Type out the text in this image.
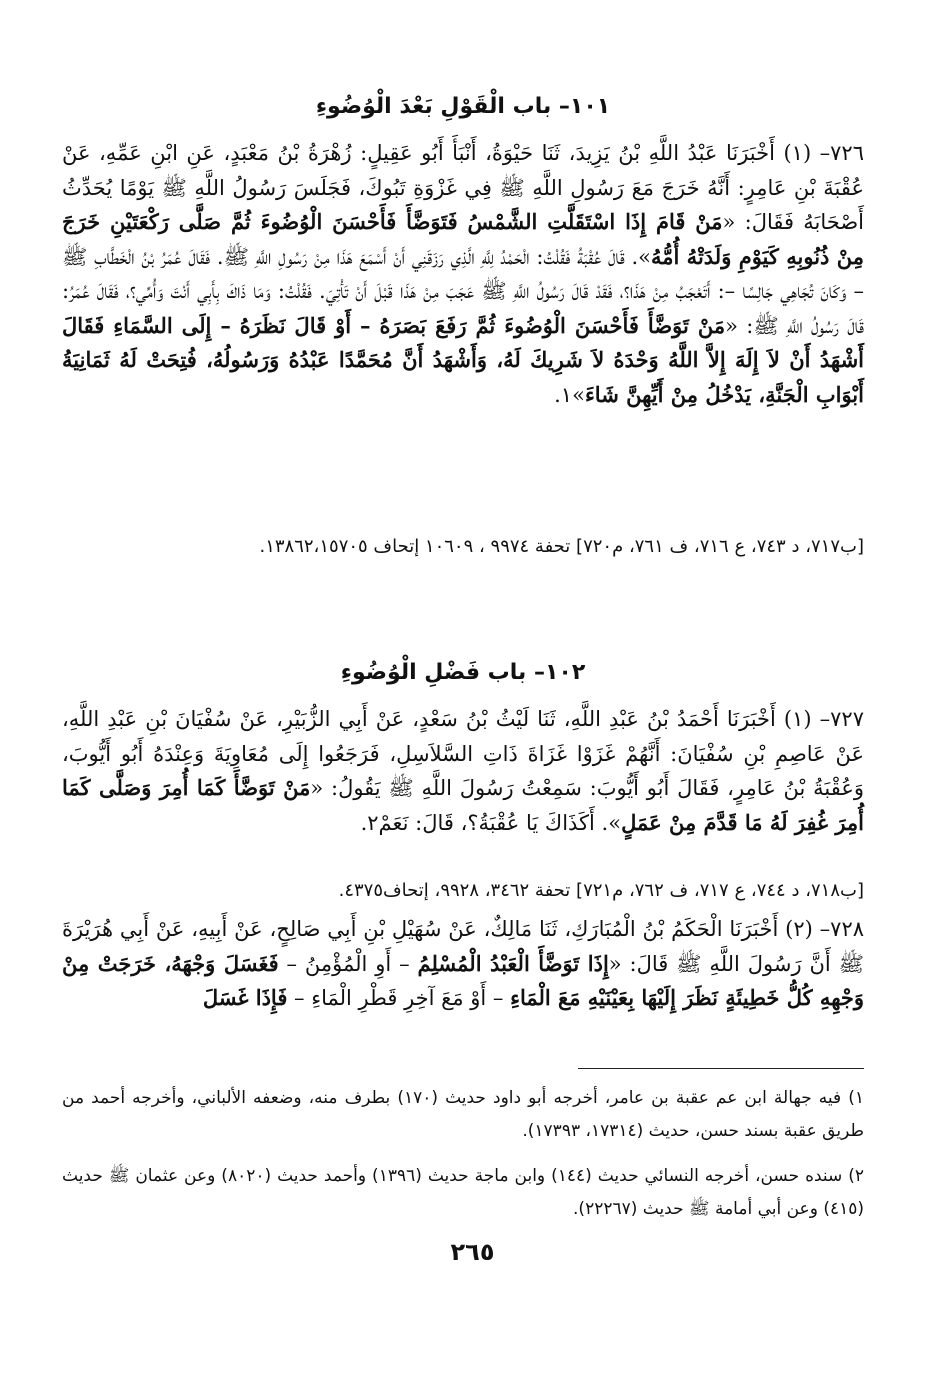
١٠١– باب الْقَوْلِ بَعْدَ الْوُضُوءِ
٧٢٦– (١) أَخْبَرَنَا عَبْدُ اللَّهِ بْنُ يَزِيدَ، ثَنَا حَيْوَةُ، أَنْبَأَ أَبُو عَقِيلٍ: زُهْرَةُ بْنُ مَعْبَدٍ، عَنِ ابْنِ عَمِّهِ، عَنْ عُقْبَةَ بْنِ عَامِرٍ: أَنَّهُ خَرَجَ مَعَ رَسُولِ اللَّهِ ﷺ فِي غَزْوَةِ تَبُوكَ، فَجَلَسَ رَسُولُ اللَّهِ ﷺ يَوْمًا يُحَدِّثُ أَصْحَابَهُ فَقَالَ: «مَنْ قَامَ إِذَا اسْتَقَلَّتِ الشَّمْسُ فَتَوَضَّأَ فَأَحْسَنَ الْوُضُوءَ ثُمَّ صَلَّى رَكْعَتَيْنِ خَرَجَ مِنْ ذُنُوبِهِ كَيَوْمِ وَلَدَتْهُ أُمُّهُ». قَالَ عُقْبَةُ فَقُلْتُ: الْحَمْدُ لِلَّهِ الَّذِي رَزَقَنِي أَنْ أَسْمَعَ هَذَا مِنْ رَسُولِ اللَّهِ ﷺ. فَقَالَ عُمَرُ بْنُ الْخَطَّابِ ﷺ – وَكَانَ تُجَاهِي جَالِسًا –: أَتَعْجَبُ مِنْ هَذَا؟، فَقَدْ قَالَ رَسُولُ اللَّهِ ﷺ عَجَبَ مِنْ هَذَا قَبْلَ أَنْ تَأْتِيَ. فَقُلْتُ: وَمَا ذَاكَ بِأَبِي أَنْتَ وَأُمِّي؟، فَقَالَ عُمَرُ: قَالَ رَسُولُ اللَّهِ ﷺ: «مَنْ تَوَضَّأَ فَأَحْسَنَ الْوُضُوءَ ثُمَّ رَفَعَ بَصَرَهُ – أَوْ قَالَ نَظَرَهُ – إِلَى السَّمَاءِ فَقَالَ أَشْهَدُ أَنْ لاَ إِلَهَ إِلاَّ اللَّهُ وَحْدَهُ لاَ شَرِيكَ لَهُ، وَأَشْهَدُ أَنَّ مُحَمَّدًا عَبْدُهُ وَرَسُولُهُ، فُتِحَتْ لَهُ ثَمَانِيَةُ أَبْوَابِ الْجَنَّةِ، يَدْخُلُ مِنْ أَيِّهِنَّ شَاءَ»١.
[ب٧١٧، د ٧٤٣، ع ٧١٦، ف ٧٦١، م٧٢٠] تحفة ٩٩٧٤ ، ١٠٦٠٩ إتحاف ١٣٨٦٢،١٥٧٠٥.
١٠٢– باب فَضْلِ الْوُضُوءِ
٧٢٧– (١) أَخْبَرَنَا أَحْمَدُ بْنُ عَبْدِ اللَّهِ، ثَنَا لَيْثُ بْنُ سَعْدٍ، عَنْ أَبِي الزُّبَيْرِ، عَنْ سُفْيَانَ بْنِ عَبْدِ اللَّهِ، عَنْ عَاصِمِ بْنِ سُفْيَانَ: أَنَّهُمْ غَزَوْا غَزَاةَ ذَاتِ السَّلاَسِلِ، فَرَجَعُوا إِلَى مُعَاوِيَةَ وَعِنْدَهُ أَبُو أَيُّوبَ، وَعُقْبَةُ بْنُ عَامِرٍ، فَقَالَ أَبُو أَيُّوبَ: سَمِعْتُ رَسُولَ اللَّهِ ﷺ يَقُولُ: «مَنْ تَوَضَّأَ كَمَا أُمِرَ وَصَلَّى كَمَا أُمِرَ غُفِرَ لَهُ مَا قَدَّمَ مِنْ عَمَلٍ». أَكَذَاكَ يَا عُقْبَةُ؟، قَالَ: نَعَمْ٢.
[ب٧١٨، د ٧٤٤، ع ٧١٧، ف ٧٦٢، م٧٢١] تحفة ٣٤٦٢، ٩٩٢٨، إتحاف٤٣٧٥.
٧٢٨– (٢) أَخْبَرَنَا الْحَكَمُ بْنُ الْمُبَارَكِ، ثَنَا مَالِكٌ، عَنْ سُهَيْلِ بْنِ أَبِي صَالِحٍ، عَنْ أَبِيهِ، عَنْ أَبِي هُرَيْرَةَ ﷺ أَنَّ رَسُولَ اللَّهِ ﷺ قَالَ: «إِذَا تَوَضَّأَ الْعَبْدُ الْمُسْلِمُ – أَوِ الْمُؤْمِنُ – فَغَسَلَ وَجْهَهُ، خَرَجَتْ مِنْ وَجْهِهِ كُلُّ خَطِيئَةٍ نَظَرَ إِلَيْهَا بِعَيْنَيْهِ مَعَ الْمَاءِ – أَوْ مَعَ آخِرِ قَطْرِ الْمَاءِ – فَإِذَا غَسَلَ
١) فيه جهالة ابن عم عقبة بن عامر، أخرجه أبو داود حديث (١٧٠) بطرف منه، وضعفه الألباني، وأخرجه أحمد من طريق عقبة بسند حسن، حديث (١٧٣١٤، ١٧٣٩٣).
٢) سنده حسن، أخرجه النسائي حديث (١٤٤) وابن ماجة حديث (١٣٩٦) وأحمد حديث (٨٠٢٠) وعن عثمان ﷺ حديث (٤١٥) وعن أبي أمامة ﷺ حديث (٢٢٢٦٧).
٢٦٥
